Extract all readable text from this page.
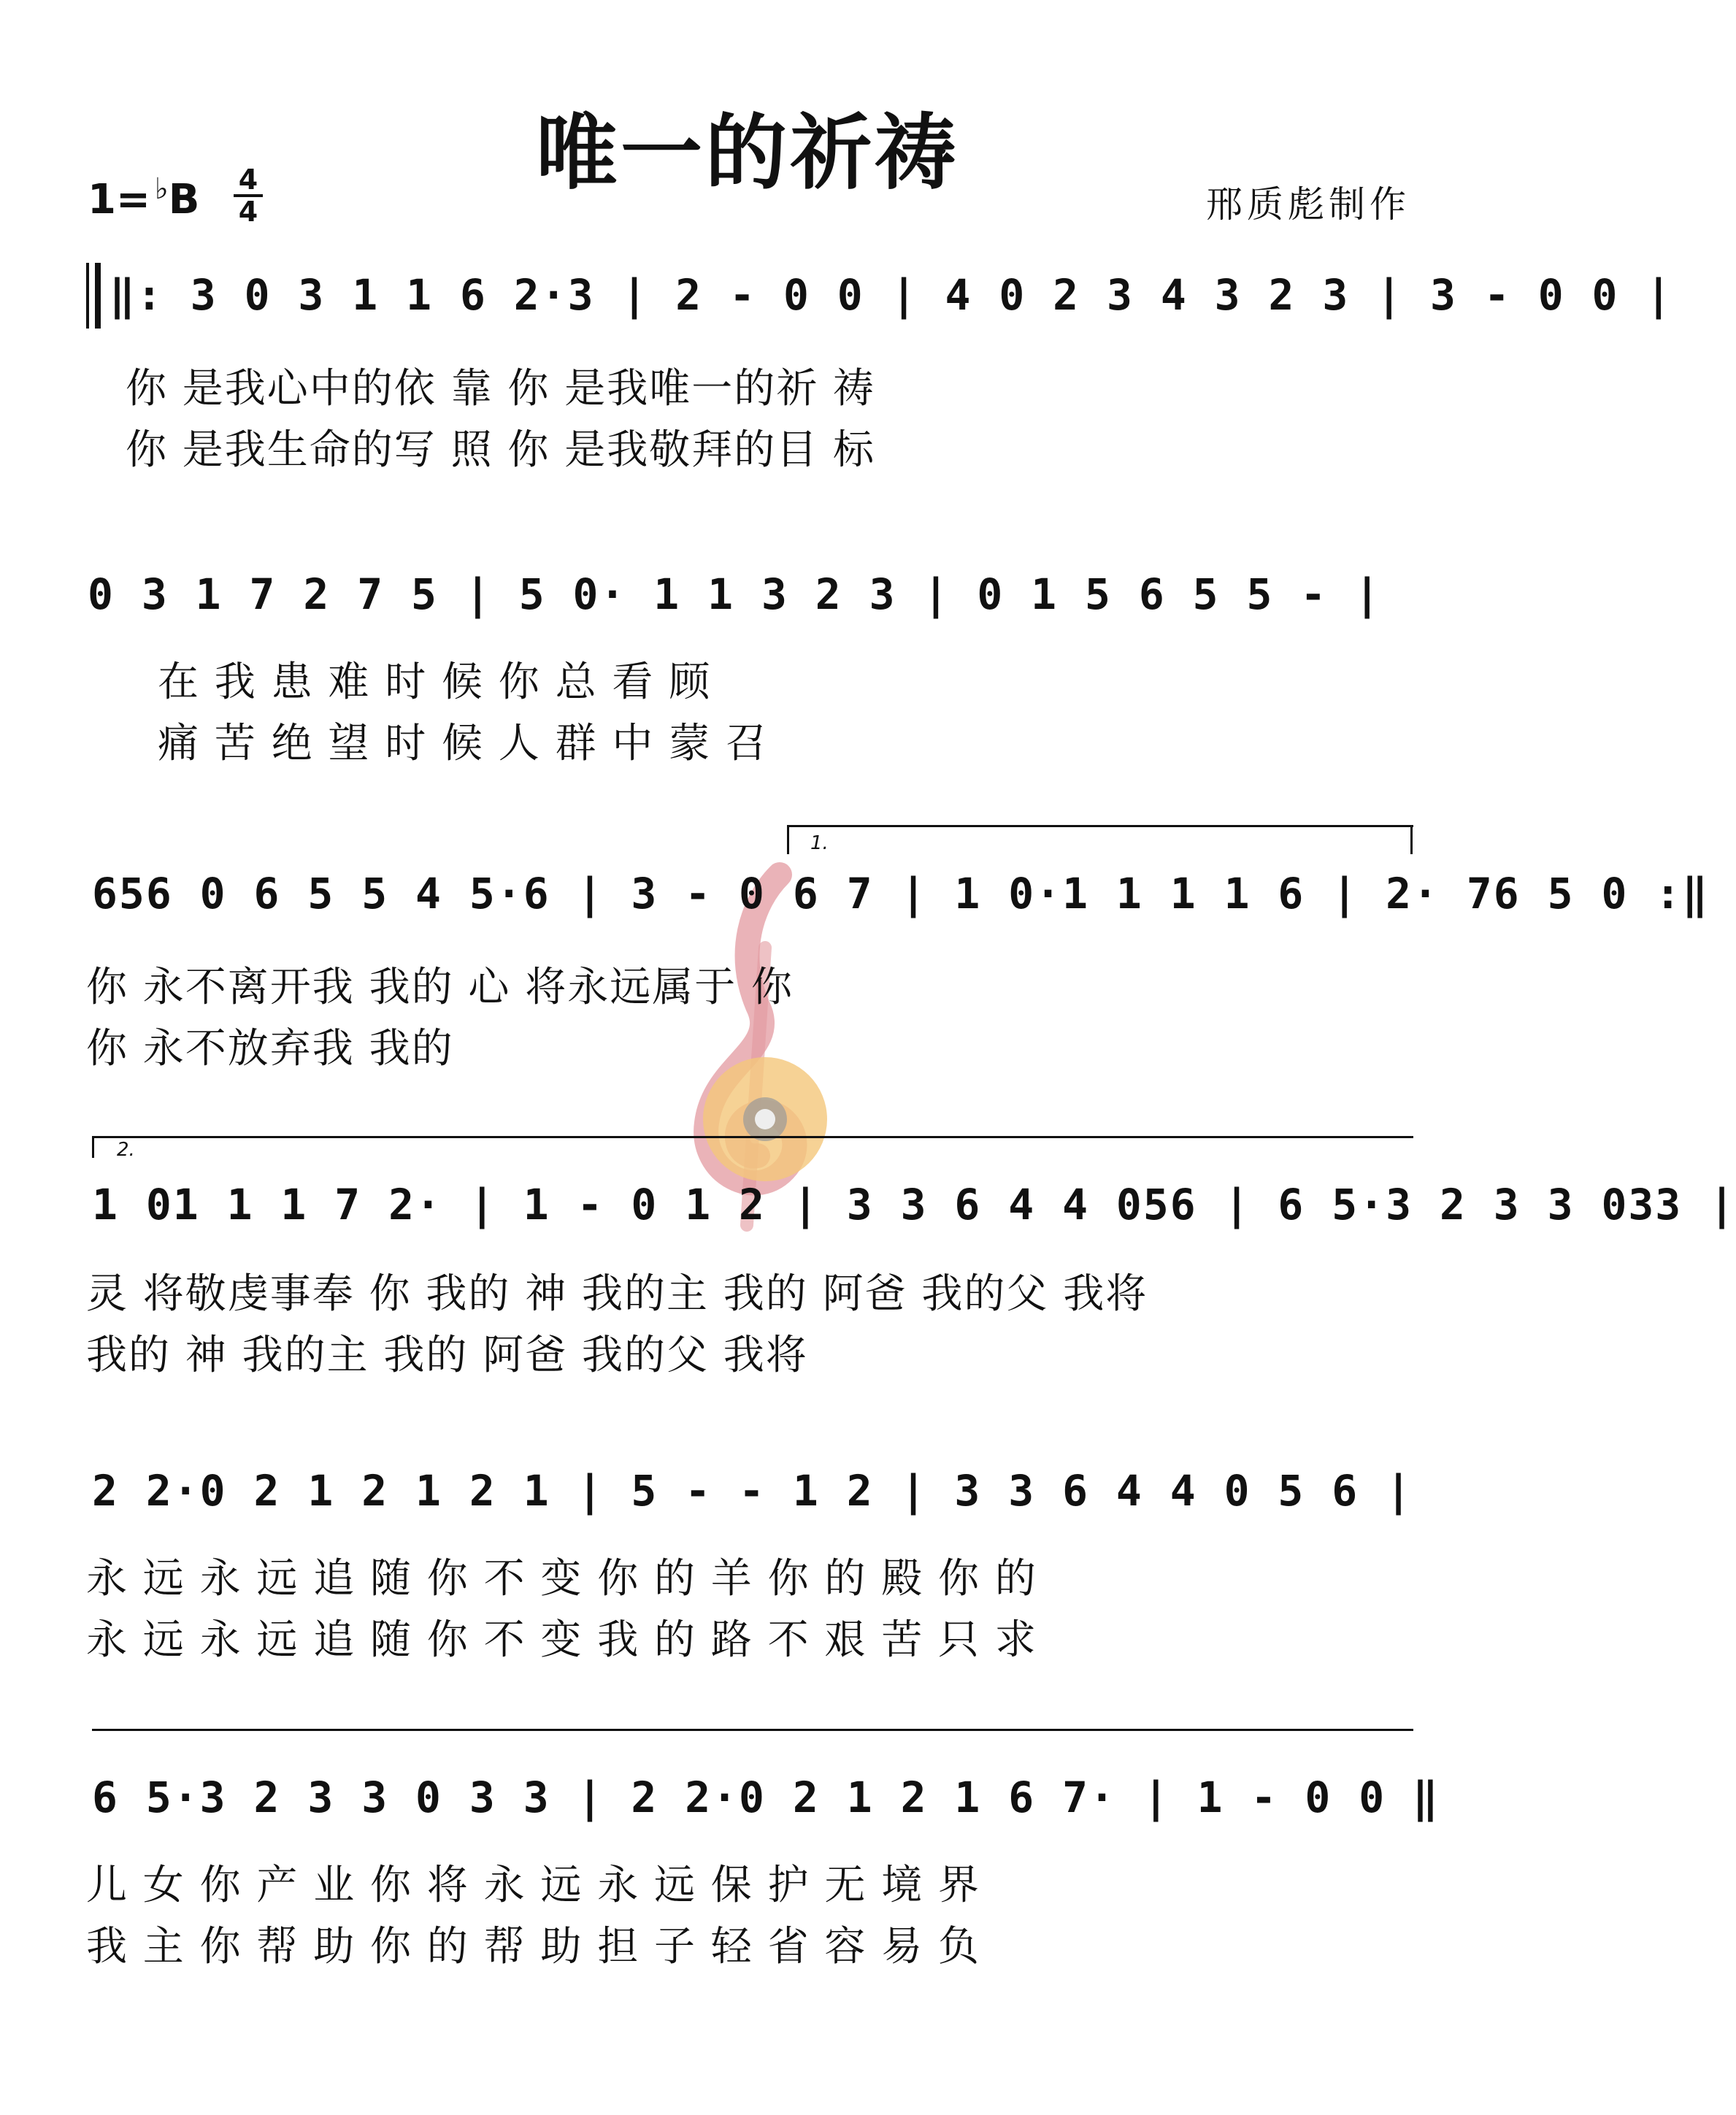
唯一的祈祷
1= ♭B 4
4	邢质彪制作
‖: 3 0 3 1 1 6 2·3 | 2 - 0 0 | 4 0 2 3 4 3 2 3 | 3 - 0 0 |
你 是我心中的依 靠 你 是我唯一的祈 祷
你 是我生命的写 照 你 是我敬拜的目 标
0 3 1 7 2 7 5 | 5 0· 1 1 3 2 3 | 0 1 5 6 5 5 - |
在 我 患 难 时 候 你 总 看 顾
痛 苦 绝 望 时 候 人 群 中 蒙 召
1.
656 0 6 5 5 4 5·6 | 3 - 0 6 7 | 1 0·1 1 1 1 6 | 2· 76 5 0 :‖
你 永不离开我 我的 心 将永远属于 你
你 永不放弃我 我的
2.
1 01 1 1 7 2· | 1 - 0 1 2 | 3 3 6 4 4 056 | 6 5·3 2 3 3 033 |
灵 将敬虔事奉 你 我的 神 我的主 我的 阿爸 我的父 我将
我的 神 我的主 我的 阿爸 我的父 我将
2 2·0 2 1 2 1 2 1 | 5 - - 1 2 | 3 3 6 4 4 0 5 6 |
永 远 永 远 追 随 你 不 变 你 的 羊 你 的 殿 你 的
永 远 永 远 追 随 你 不 变 我 的 路 不 艰 苦 只 求
6 5·3 2 3 3 0 3 3 | 2 2·0 2 1 2 1 6 7· | 1 - 0 0 ‖
儿 女 你 产 业 你 将 永 远 永 远 保 护 无 境 界
我 主 你 帮 助 你 的 帮 助 担 子 轻 省 容 易 负
